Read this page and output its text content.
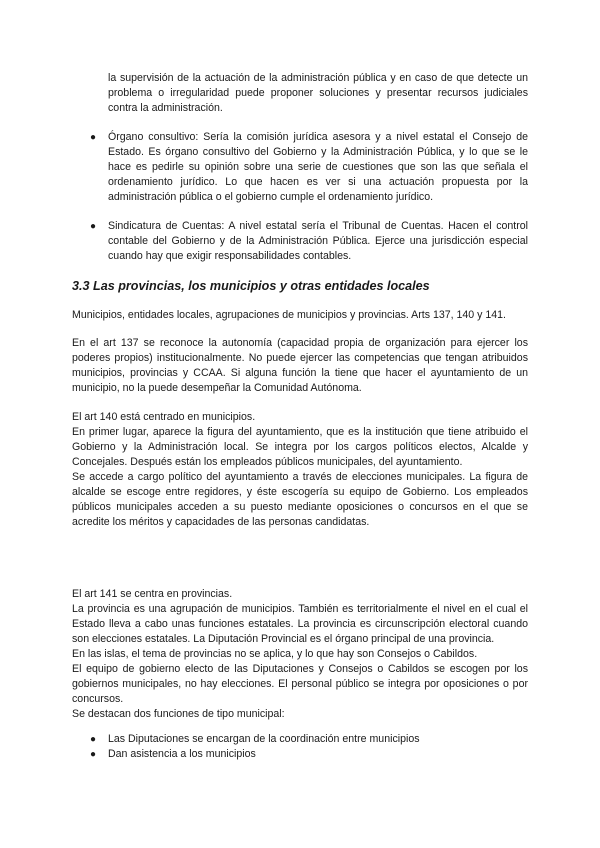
la supervisión de la actuación de la administración pública y en caso de que detecte un problema o irregularidad puede proponer soluciones y presentar recursos judiciales contra la administración.

●	Órgano consultivo: Sería la comisión jurídica asesora y a nivel estatal el Consejo de Estado. Es órgano consultivo del Gobierno y la Administración Pública, y lo que se le hace es pedirle su opinión sobre una serie de cuestiones que son las que señala el ordenamiento jurídico. Lo que hacen es ver si una actuación propuesta por la administración pública o el gobierno cumple el ordenamiento jurídico.

●	Sindicatura de Cuentas: A nivel estatal sería el Tribunal de Cuentas. Hacen el control contable del Gobierno y de la Administración Pública. Ejerce una jurisdicción especial cuando hay que exigir responsabilidades contables.

3.3 Las provincias, los municipios y otras entidades locales

Municipios, entidades locales, agrupaciones de municipios y provincias. Arts 137, 140 y 141.

En el art 137 se reconoce la autonomía (capacidad propia de organización para ejercer los poderes propios) institucionalmente. No puede ejercer las competencias que tengan atribuidos municipios, provincias y CCAA. Si alguna función la tiene que hacer el ayuntamiento de un municipio, no la puede desempeñar la Comunidad Autónoma.

El art 140 está centrado en municipios.

En primer lugar, aparece la figura del ayuntamiento, que es la institución que tiene atribuido el Gobierno y la Administración local. Se integra por los cargos políticos electos, Alcalde y Concejales. Después están los empleados públicos municipales, del ayuntamiento.

Se accede a cargo político del ayuntamiento a través de elecciones municipales. La figura de alcalde se escoge entre regidores, y éste escogería su equipo de Gobierno. Los empleados públicos municipales acceden a su puesto mediante oposiciones o concursos en el que se acredite los méritos y capacidades de las personas candidatas.

El art 141 se centra en provincias.

La provincia es una agrupación de municipios. También es territorialmente el nivel en el cual el Estado lleva a cabo unas funciones estatales. La provincia es circunscripción electoral cuando son elecciones estatales. La Diputación Provincial es el órgano principal de una provincia.

En las islas, el tema de provincias no se aplica, y lo que hay son Consejos o Cabildos.

El equipo de gobierno electo de las Diputaciones y Consejos o Cabildos se escogen por los gobiernos municipales, no hay elecciones. El personal público se integra por oposiciones o por concursos.

Se destacan dos funciones de tipo municipal:

●	Las Diputaciones se encargan de la coordinación entre municipios

●	Dan asistencia a los municipios
